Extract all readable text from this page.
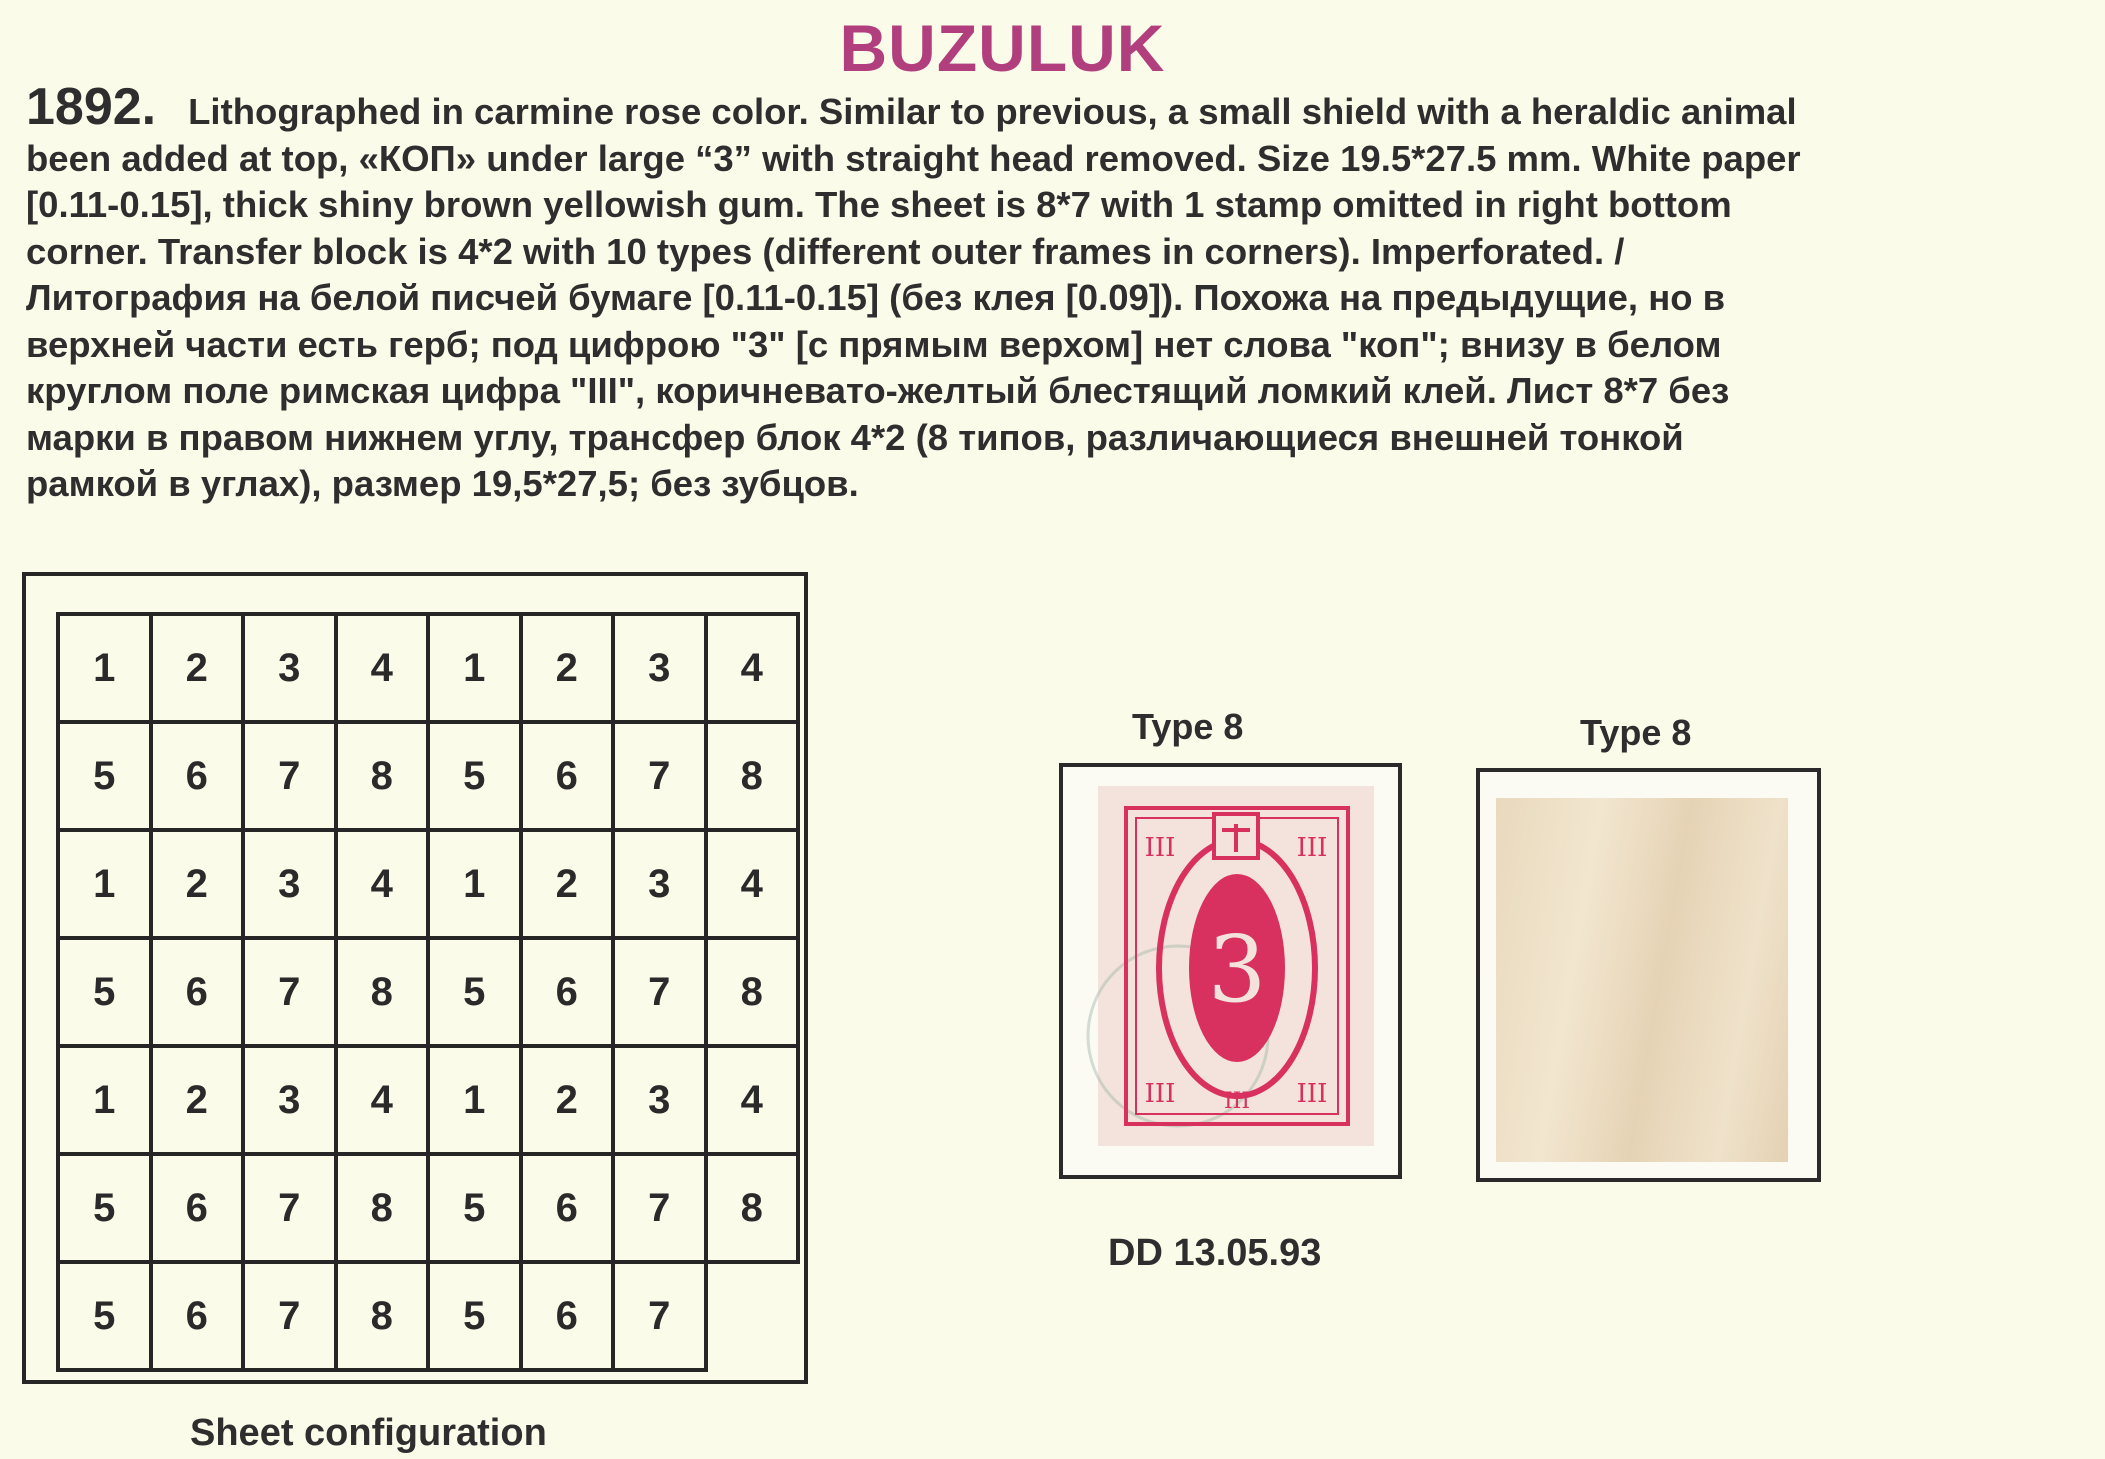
BUZULUK
1892. Lithographed in carmine rose color. Similar to previous, a small shield with a heraldic animal
been added at top, «КОП» under large “3” with straight head removed. Size 19.5*27.5 mm. White paper
[0.11-0.15], thick shiny brown yellowish gum. The sheet is 8*7 with 1 stamp omitted in right bottom
corner. Transfer block is 4*2 with 10 types (different outer frames in corners). Imperforated. /
Литография на белой писчей бумаге [0.11-0.15] (без клея [0.09]). Похожа на предыдущие, но в
верхней части есть герб; под цифрою "3" [с прямым верхом] нет слова "коп"; внизу в белом
круглом поле римская цифра "III", коричневато-желтый блестящий ломкий клей. Лист 8*7 без
марки в правом нижнем углу, трансфер блок 4*2 (8 типов, различающиеся внешней тонкой
рамкой в углах), размер 19,5*27,5; без зубцов.
1	2	3	4	1	2	3	4
5	6	7	8	5	6	7	8
1	2	3	4	1	2	3	4
5	6	7	8	5	6	7	8
1	2	3	4	1	2	3	4
5	6	7	8	5	6	7	8
5	6	7	8	5	6	7	
Sheet configuration
Type 8	Type 8
3
III
III	III
III	III
DD 13.05.93
